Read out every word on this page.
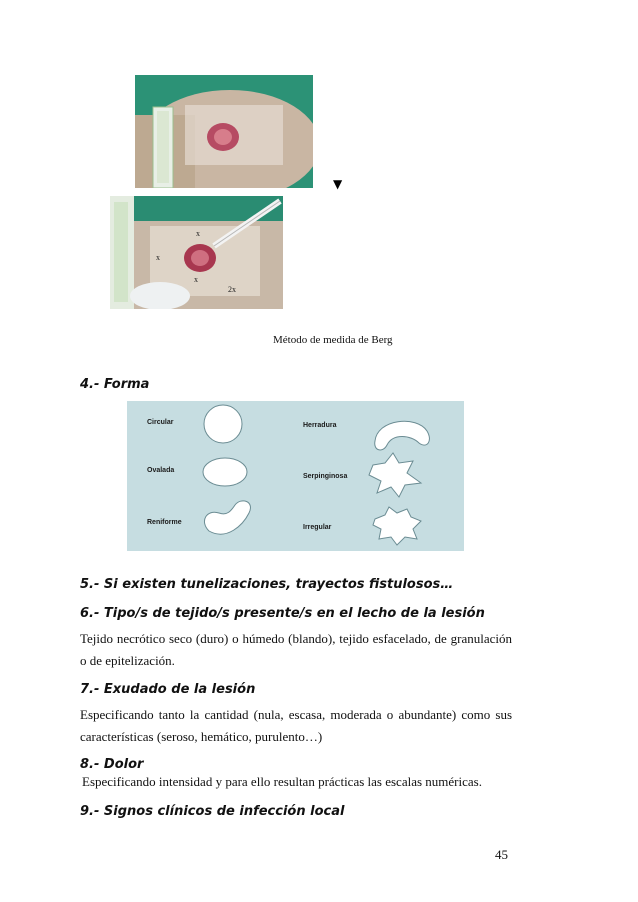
▼
x
x
2x
x
Método de medida de Berg
4.- Forma
Circular
Ovalada
Reniforme
Herradura
Serpinginosa
Irregular
5.- Si existen tunelizaciones, trayectos fistulosos…
6.- Tipo/s de tejido/s presente/s en el lecho de la lesión
Tejido necrótico seco (duro) o húmedo (blando), tejido esfacelado, de granulación o de epitelización.
7.- Exudado de la lesión
Especificando tanto la cantidad (nula, escasa, moderada o abundante) como sus características (seroso, hemático, purulento…)
8.- Dolor
Especificando intensidad y para ello resultan prácticas las escalas numéricas.
9.- Signos clínicos de infección local
45
